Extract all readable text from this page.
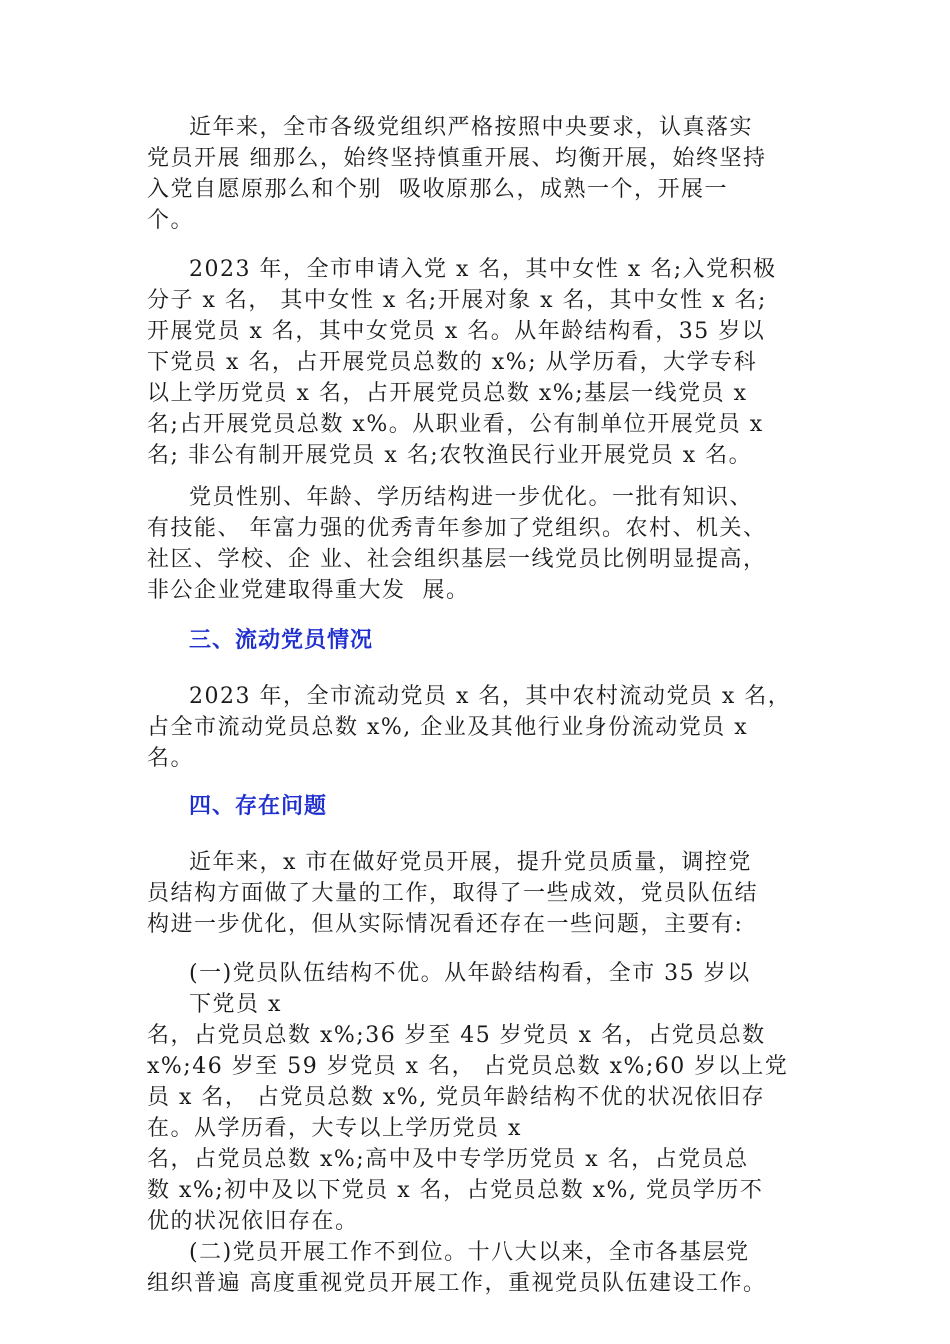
近年来，全市各级党组织严格按照中央要求，认真落实
党员开展 细那么，始终坚持慎重开展、均衡开展，始终坚持
入党自愿原那么和个别  吸收原那么，成熟一个，开展一
个。
2023 年，全市申请入党 x 名，其中女性 x 名;入党积极
分子 x 名， 其中女性 x 名;开展对象 x 名，其中女性 x 名;
开展党员 x 名，其中女党员 x 名。从年龄结构看，35 岁以
下党员 x 名，占开展党员总数的 x%; 从学历看，大学专科
以上学历党员 x 名，占开展党员总数 x%;基层一线党员 x
名;占开展党员总数 x%。从职业看，公有制单位开展党员 x
名; 非公有制开展党员 x 名;农牧渔民行业开展党员 x 名。
党员性别、年龄、学历结构进一步优化。一批有知识、
有技能、 年富力强的优秀青年参加了党组织。农村、机关、
社区、学校、企 业、社会组织基层一线党员比例明显提高，
非公企业党建取得重大发  展。
三、流动党员情况
2023 年，全市流动党员 x 名，其中农村流动党员 x 名，
占全市流动党员总数 x%, 企业及其他行业身份流动党员 x
名。
四、存在问题
近年来，x 市在做好党员开展，提升党员质量，调控党
员结构方面做了大量的工作，取得了一些成效，党员队伍结
构进一步优化，但从实际情况看还存在一些问题，主要有:
(一)党员队伍结构不优。从年龄结构看，全市 35 岁以
下党员 x
名，占党员总数 x%;36 岁至 45 岁党员 x 名，占党员总数
x%;46 岁至 59 岁党员 x 名， 占党员总数 x%;60 岁以上党
员 x 名， 占党员总数 x%, 党员年龄结构不优的状况依旧存
在。从学历看，大专以上学历党员 x
名，占党员总数 x%;高中及中专学历党员 x 名，占党员总
数 x%;初中及以下党员 x 名，占党员总数 x%, 党员学历不
优的状况依旧存在。
(二)党员开展工作不到位。十八大以来，全市各基层党
组织普遍 高度重视党员开展工作，重视党员队伍建设工作。
